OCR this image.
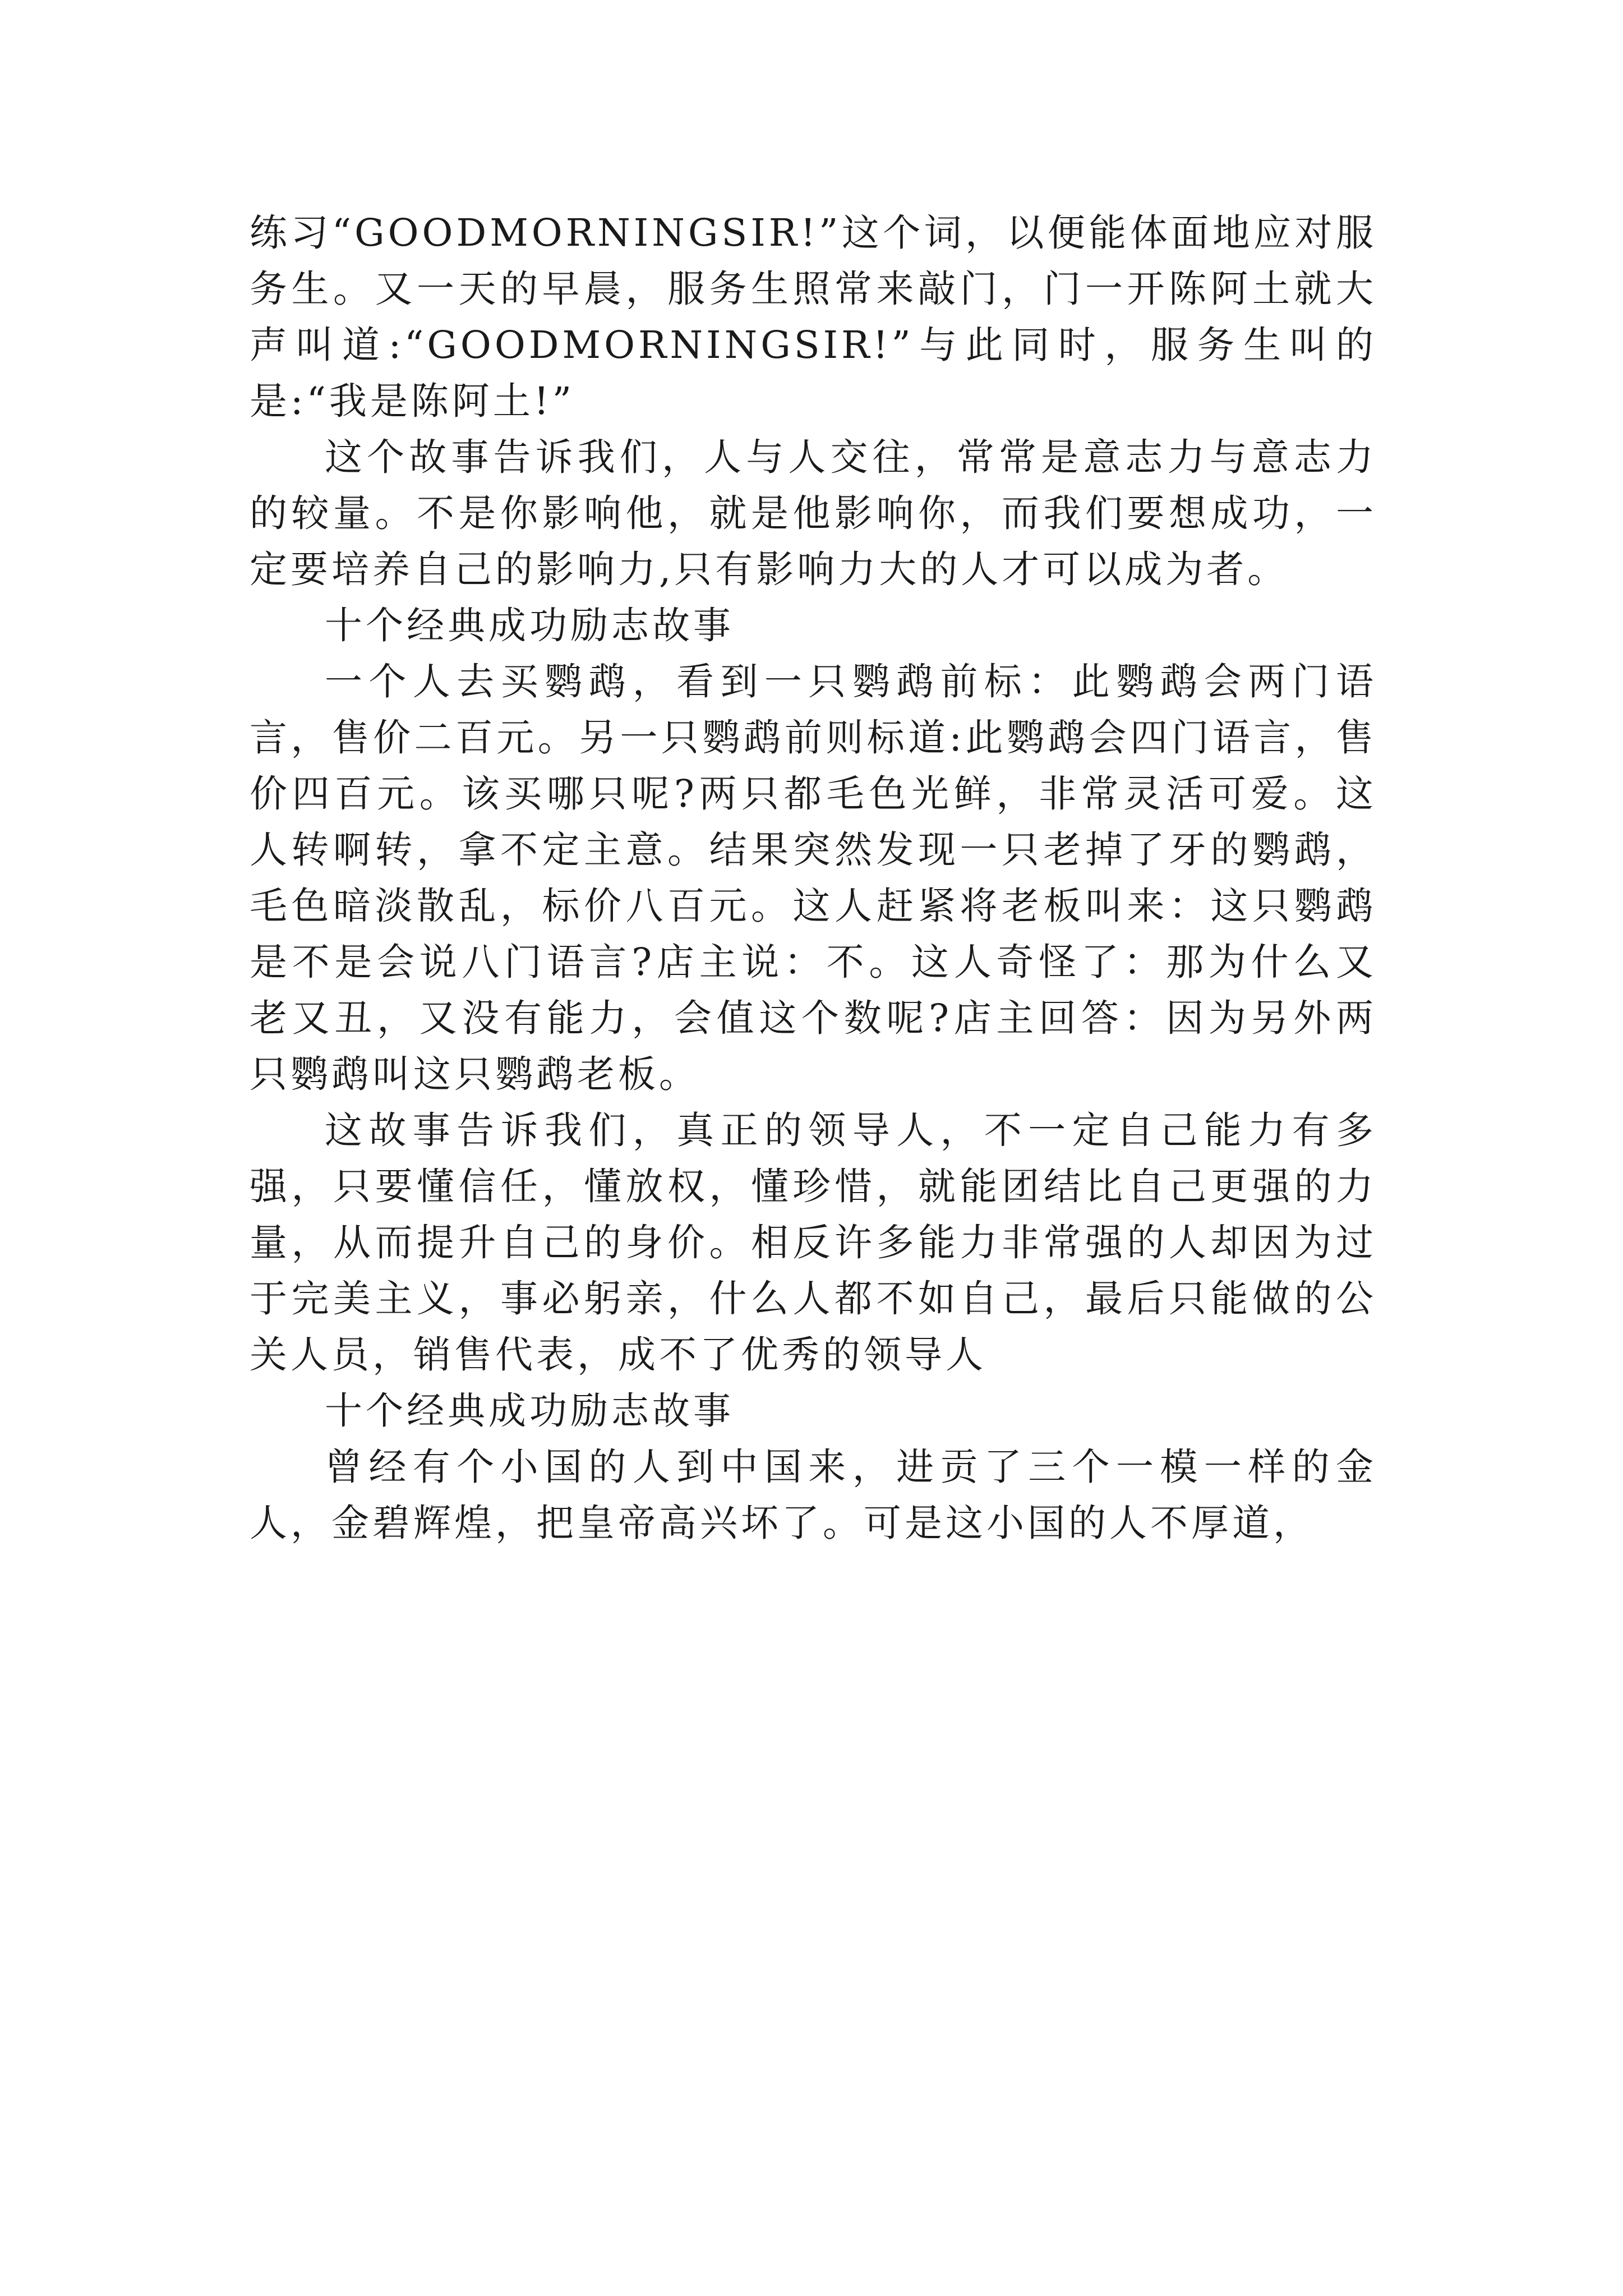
练习“GOODMORNINGSIR!”这个词，以便能体面地应对服务生。又一天的早晨，服务生照常来敲门，门一开陈阿土就大声叫道:“GOODMORNINGSIR!”与此同时，服务生叫的是:“我是陈阿土!”

这个故事告诉我们，人与人交往，常常是意志力与意志力的较量。不是你影响他，就是他影响你，而我们要想成功，一定要培养自己的影响力,只有影响力大的人才可以成为者。

十个经典成功励志故事

一个人去买鹦鹉，看到一只鹦鹉前标：此鹦鹉会两门语言，售价二百元。另一只鹦鹉前则标道:此鹦鹉会四门语言，售价四百元。该买哪只呢?两只都毛色光鲜，非常灵活可爱。这人转啊转，拿不定主意。结果突然发现一只老掉了牙的鹦鹉，毛色暗淡散乱，标价八百元。这人赶紧将老板叫来：这只鹦鹉是不是会说八门语言?店主说：不。这人奇怪了：那为什么又老又丑，又没有能力，会值这个数呢?店主回答：因为另外两只鹦鹉叫这只鹦鹉老板。

这故事告诉我们，真正的领导人，不一定自己能力有多强，只要懂信任，懂放权，懂珍惜，就能团结比自己更强的力量，从而提升自己的身价。相反许多能力非常强的人却因为过于完美主义，事必躬亲，什么人都不如自己，最后只能做的公关人员，销售代表，成不了优秀的领导人

十个经典成功励志故事

曾经有个小国的人到中国来，进贡了三个一模一样的金人，金碧辉煌，把皇帝高兴坏了。可是这小国的人不厚道，
